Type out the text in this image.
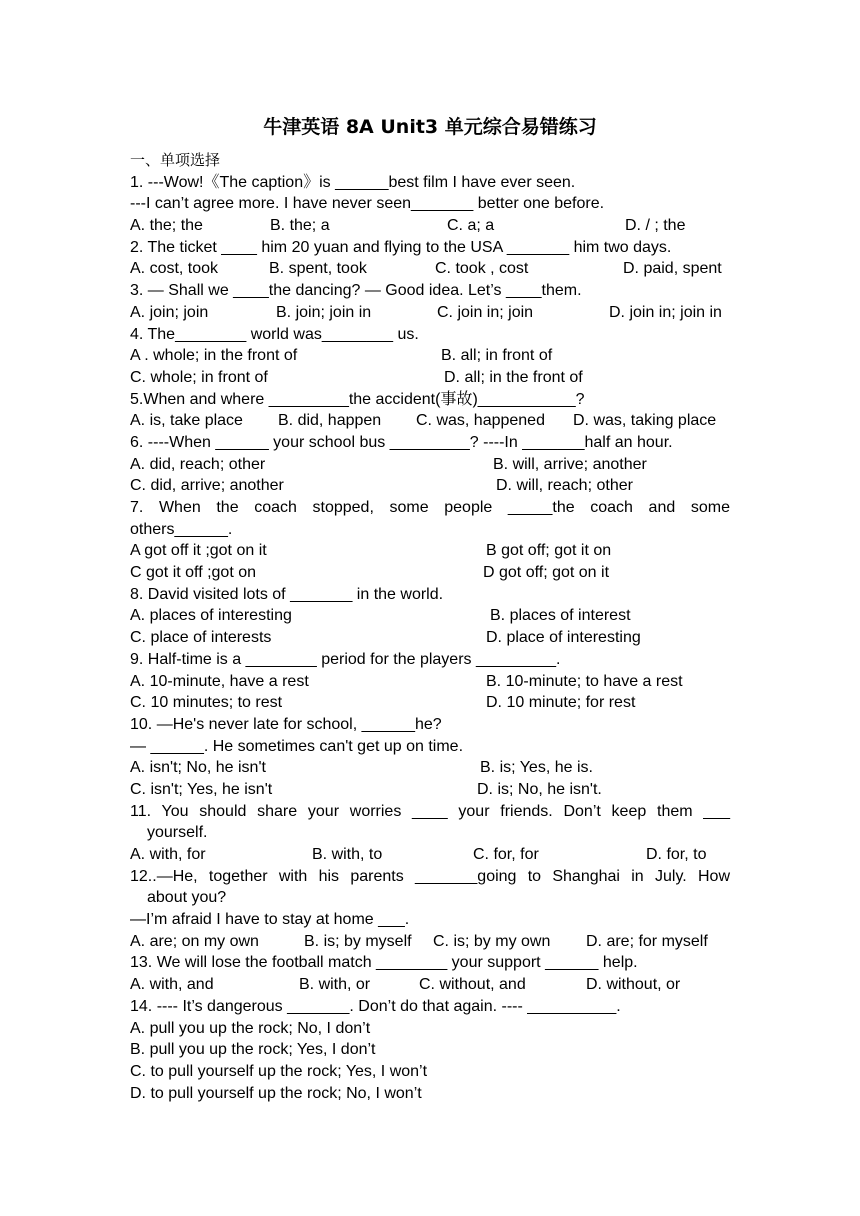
牛津英语 8A Unit3 单元综合易错练习
一、单项选择
1. ---Wow!《The caption》is ______best film I have ever seen.
---I can’t agree more. I have never seen_______ better one before.
A. the; the	B. the; a	C. a; a	D. / ; the
2. The ticket ____ him 20 yuan and flying to the USA _______ him two days.
A. cost, took	B. spent, took	C. took , cost	D. paid, spent
3. — Shall we ____the dancing? — Good idea. Let’s ____them.
A. join; join	B. join; join in	C. join in; join	D. join in; join in
4. The________ world was________ us.
A . whole; in the front of	B. all; in front of
C. whole; in front of	D. all; in the front of
5.When and where _________the accident(事故)___________?
A. is, take place B. did, happen C. was, happened D. was, taking place
6. ----When ______ your school bus _________? ----In _______half an hour.
A. did, reach; other	B. will, arrive; another
C. did, arrive; another	D. will, reach; other
7. When the coach stopped, some people _____the coach and some
others______.
A got off it ;got on it	B got off; got it on
C got it off ;got on	D got off; got on it
8. David visited lots of _______ in the world.
A. places of interesting	B. places of interest
C. place of interests	D. place of interesting
9. Half-time is a ________ period for the players _________.
A. 10-minute, have a rest	B. 10-minute; to have a rest
C. 10 minutes; to rest	D. 10 minute; for rest
10. —He's never late for school, ______he?
— ______. He sometimes can't get up on time.
A. isn't; No, he isn't	B. is; Yes, he is.
C. isn't; Yes, he isn't	D. is; No, he isn't.
11. You should share your worries ____ your friends. Don’t keep them ___
yourself.
A. with, for	B. with, to	C. for, for	D. for, to
12..—He, together with his parents _______going to Shanghai in July. How
about you?
—I’m afraid I have to stay at home ___.
A. are; on my own	B. is; by myself C. is; by my own D. are; for myself
13. We will lose the football match ________ your support ______ help.
A. with, and	B. with, or	C. without, and	D. without, or
14. ---- It’s dangerous _______. Don’t do that again. ---- __________.
A. pull you up the rock; No, I don’t
B. pull you up the rock; Yes, I don’t
C. to pull yourself up the rock; Yes, I won’t
D. to pull yourself up the rock; No, I won’t
